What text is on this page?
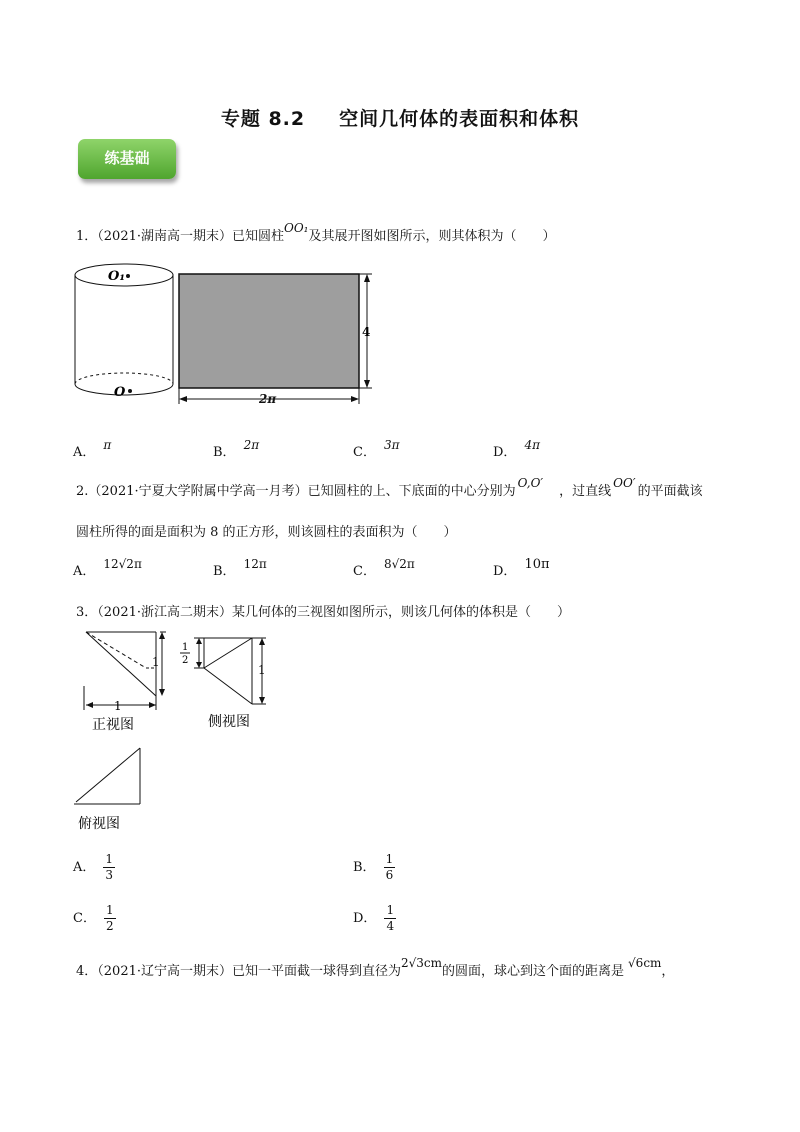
专题 8.2 空间几何体的表面积和体积
练基础
1．（2021·湖南高一期末）已知圆柱OO₁及其展开图如图所示，则其体积为（　　）
O₁
O
4
2π
A． π	B． 2π	C． 3π	D． 4π
2.（2021·宁夏大学附属中学高一月考）已知圆柱的上、下底面的中心分别为O,O′，过直线OO′的平面截该
圆柱所得的面是面积为 8 的正方形，则该圆柱的表面积为（　　）
A． 12√2π	B． 12π	C． 8√2π	D． 10π
3．（2021·浙江高二期末）某几何体的三视图如图所示，则该几何体的体积是（　　）
1
1
1
2
1
正视图	侧视图
俯视图
A． $\frac{1}{3}$	B． $\frac{1}{6}$
C． $\frac{1}{2}$	D． $\frac{1}{4}$
4．（2021·辽宁高一期末）已知一平面截一球得到直径为2√3cm的圆面，球心到这个面的距离是√6cm，
